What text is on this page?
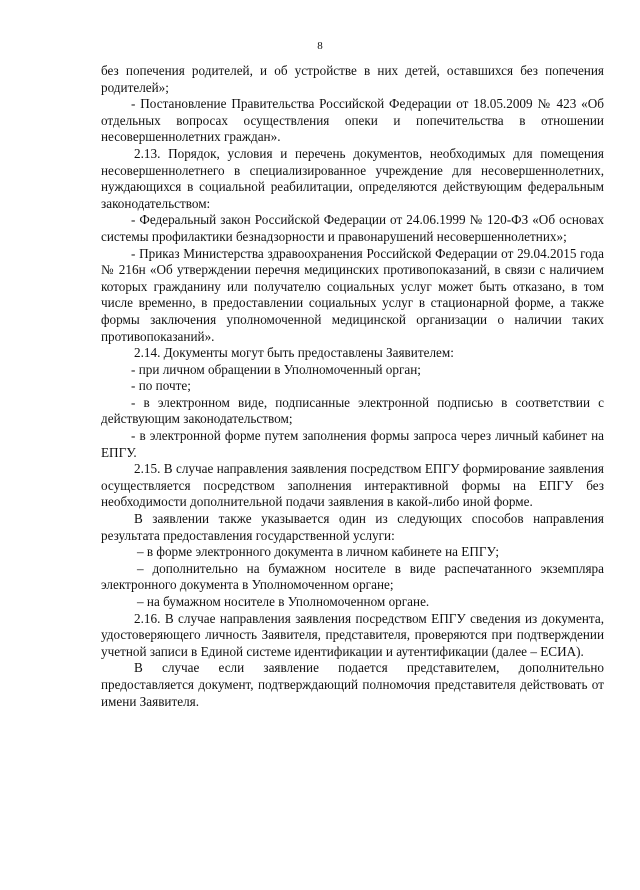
8

без попечения родителей, и об устройстве в них детей, оставшихся без попечения родителей»;

- Постановление Правительства Российской Федерации от 18.05.2009 № 423 «Об отдельных вопросах осуществления опеки и попечительства в отношении несовершеннолетних граждан».

2.13. Порядок, условия и перечень документов, необходимых для помещения несовершеннолетнего в специализированное учреждение для несовершеннолетних, нуждающихся в социальной реабилитации, определяются действующим федеральным законодательством:

- Федеральный закон Российской Федерации от 24.06.1999 № 120-ФЗ «Об основах системы профилактики безнадзорности и правонарушений несовершеннолетних»;

- Приказ Министерства здравоохранения Российской Федерации от 29.04.2015 года № 216н «Об утверждении перечня медицинских противопоказаний, в связи с наличием которых гражданину или получателю социальных услуг может быть отказано, в том числе временно, в предоставлении социальных услуг в стационарной форме, а также формы заключения уполномоченной медицинской организации о наличии таких противопоказаний».

2.14. Документы могут быть предоставлены Заявителем:

- при личном обращении в Уполномоченный орган;

- по почте;

- в электронном виде, подписанные электронной подписью в соответствии с действующим законодательством;

- в электронной форме путем заполнения формы запроса через личный кабинет на ЕПГУ.

2.15. В случае направления заявления посредством ЕПГУ формирование заявления осуществляется посредством заполнения интерактивной формы на ЕПГУ без необходимости дополнительной подачи заявления в какой-либо иной форме.

В заявлении также указывается один из следующих способов направления результата предоставления государственной услуги:

– в форме электронного документа в личном кабинете на ЕПГУ;

– дополнительно на бумажном носителе в виде распечатанного экземпляра электронного документа в Уполномоченном органе;

– на бумажном носителе в Уполномоченном органе.

2.16. В случае направления заявления посредством ЕПГУ сведения из документа, удостоверяющего личность Заявителя, представителя, проверяются при подтверждении учетной записи в Единой системе идентификации и аутентификации (далее – ЕСИА).

В случае если заявление подается представителем, дополнительно предоставляется документ, подтверждающий полномочия представителя действовать от имени Заявителя.
